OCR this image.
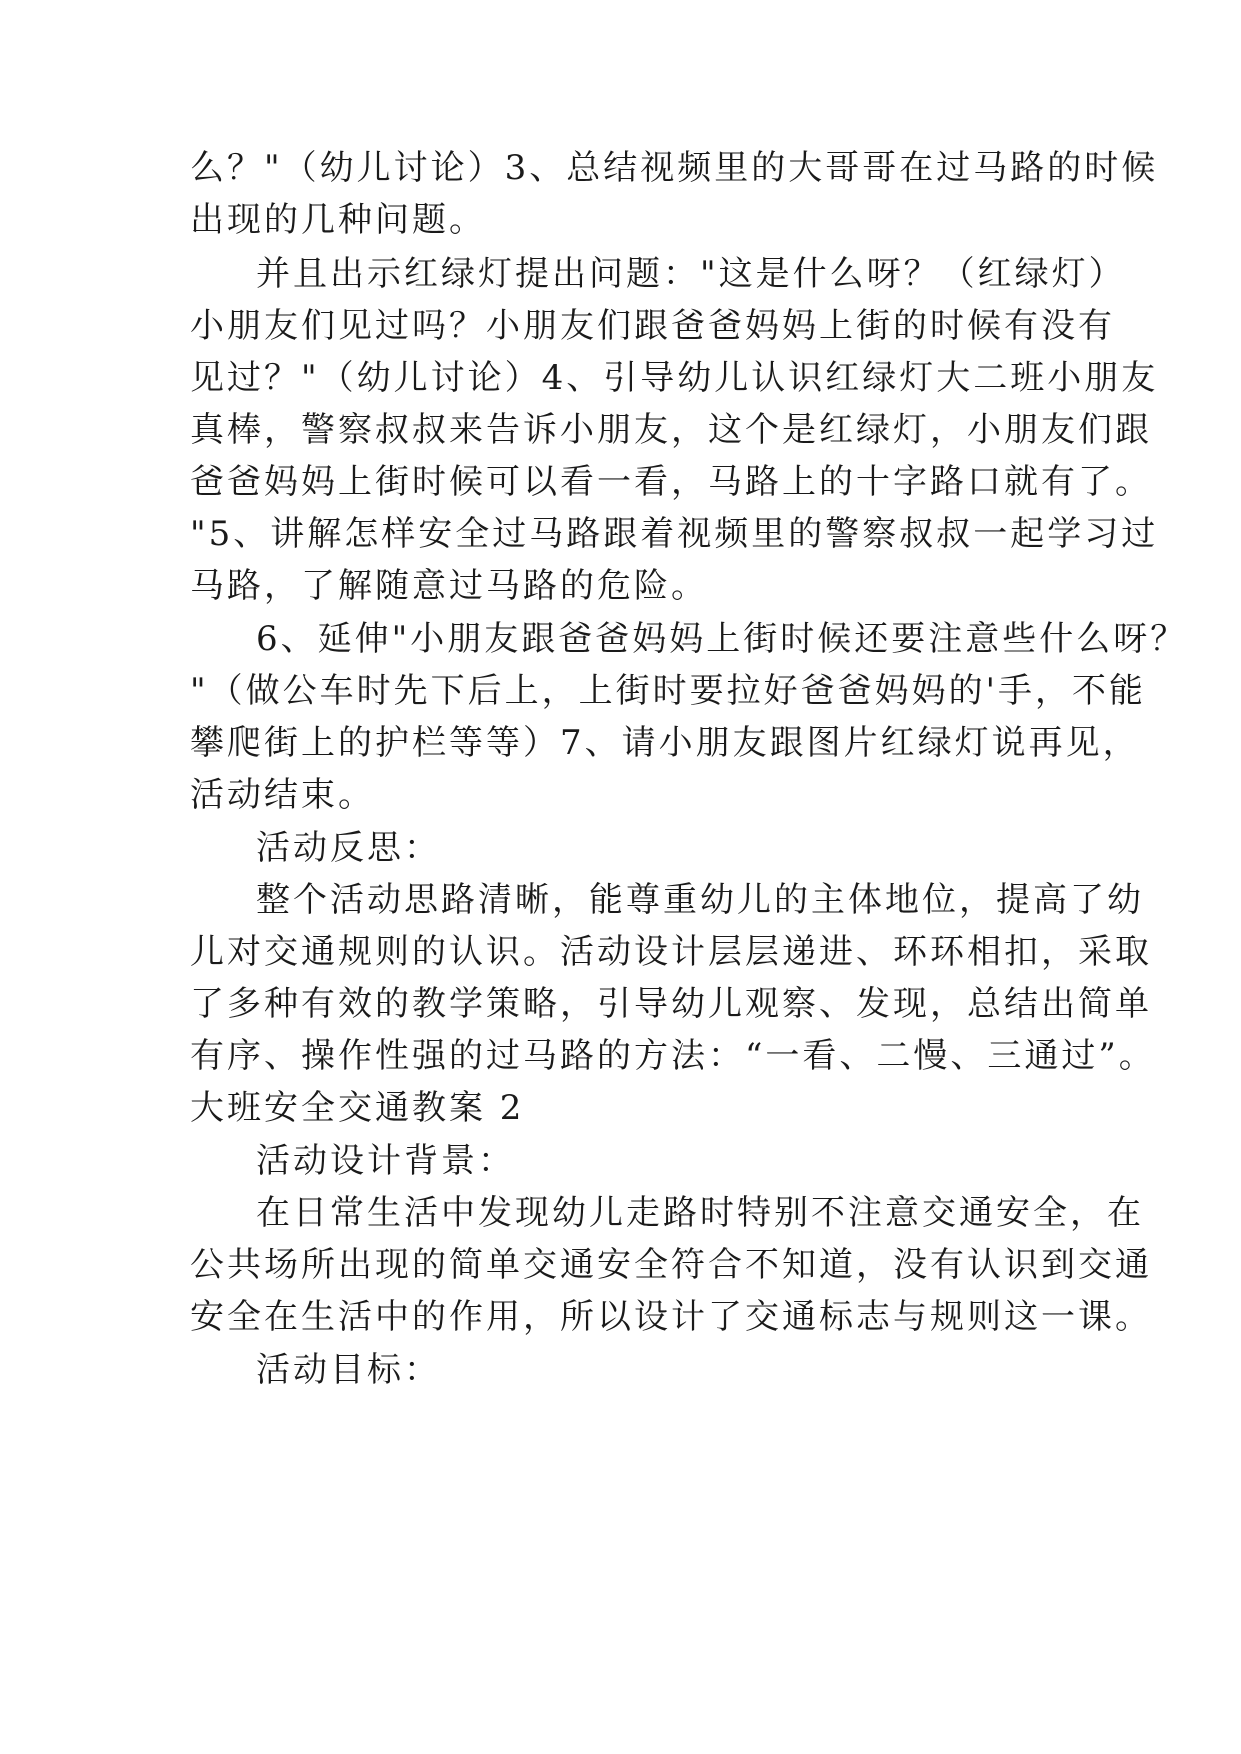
么？"（幼儿讨论）3、总结视频里的大哥哥在过马路的时候
出现的几种问题。
并且出示红绿灯提出问题："这是什么呀？（红绿灯）
小朋友们见过吗？小朋友们跟爸爸妈妈上街的时候有没有
见过？"（幼儿讨论）4、引导幼儿认识红绿灯大二班小朋友
真棒，警察叔叔来告诉小朋友，这个是红绿灯，小朋友们跟
爸爸妈妈上街时候可以看一看，马路上的十字路口就有了。
"5、讲解怎样安全过马路跟着视频里的警察叔叔一起学习过
马路，了解随意过马路的危险。
6、延伸"小朋友跟爸爸妈妈上街时候还要注意些什么呀？
"（做公车时先下后上，上街时要拉好爸爸妈妈的'手，不能
攀爬街上的护栏等等）7、请小朋友跟图片红绿灯说再见，
活动结束。
活动反思：
整个活动思路清晰，能尊重幼儿的主体地位，提高了幼
儿对交通规则的认识。活动设计层层递进、环环相扣，采取
了多种有效的教学策略，引导幼儿观察、发现，总结出简单
有序、操作性强的过马路的方法：“一看、二慢、三通过”。
大班安全交通教案 2
活动设计背景：
在日常生活中发现幼儿走路时特别不注意交通安全，在
公共场所出现的简单交通安全符合不知道，没有认识到交通
安全在生活中的作用，所以设计了交通标志与规则这一课。
活动目标：
